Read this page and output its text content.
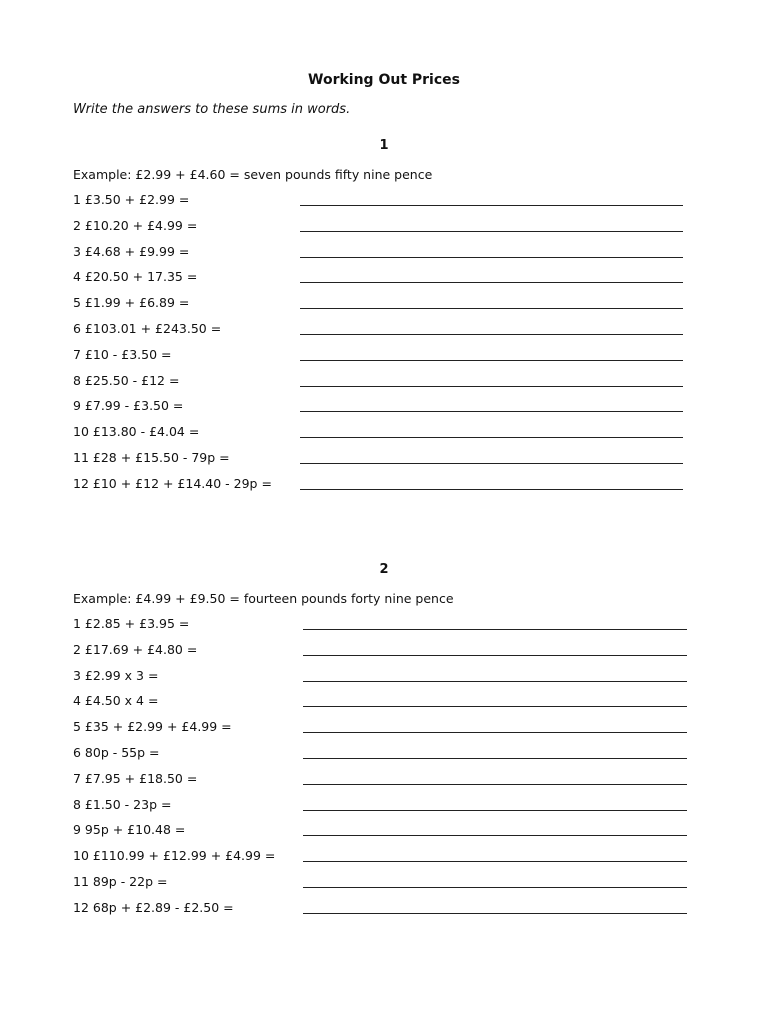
Working Out Prices
Write the answers to these sums in words.
1
Example: £2.99 + £4.60 = seven pounds fifty nine pence
1 £3.50 + £2.99 =
2 £10.20 + £4.99 =
3 £4.68 + £9.99 =
4 £20.50 + 17.35 =
5 £1.99 + £6.89 =
6 £103.01 + £243.50 =
7 £10 - £3.50 =
8 £25.50 - £12 =
9 £7.99 - £3.50 =
10 £13.80 - £4.04 =
11 £28 + £15.50 - 79p =
12 £10 + £12 + £14.40 - 29p =
2
Example: £4.99 + £9.50 = fourteen pounds forty nine pence
1 £2.85 + £3.95 =
2 £17.69 + £4.80 =
3 £2.99 x 3 =
4 £4.50 x 4 =
5 £35 + £2.99 + £4.99 =
6 80p - 55p =
7 £7.95 + £18.50 =
8 £1.50 - 23p =
9 95p + £10.48 =
10 £110.99 + £12.99 + £4.99 =
11 89p - 22p =
12 68p + £2.89 - £2.50 =
